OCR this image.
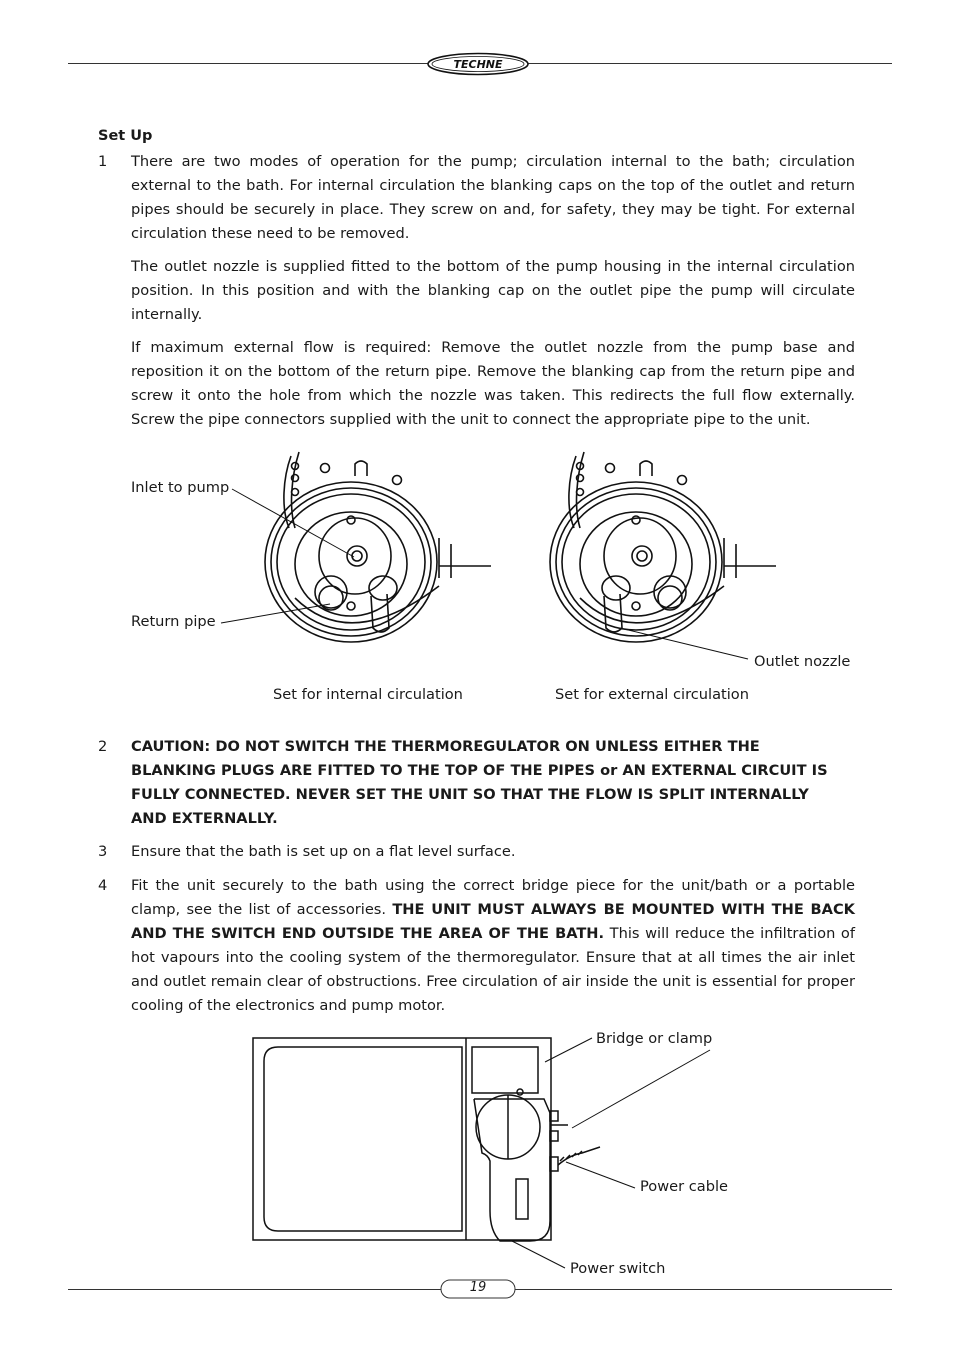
TECHNE
Set Up
1 There are two modes of operation for the pump; circulation internal to the bath; circulation external to the bath. For internal circulation the blanking caps on the top of the outlet and return pipes should be securely in place. They screw on and, for safety, they may be tight. For external circulation these need to be removed.
The outlet nozzle is supplied fitted to the bottom of the pump housing in the internal circulation position. In this position and with the blanking cap on the outlet pipe the pump will circulate internally.
If maximum external flow is required: Remove the outlet nozzle from the pump base and reposition it on the bottom of the return pipe. Remove the blanking cap from the return pipe and screw it onto the hole from which the nozzle was taken. This redirects the full flow externally. Screw the pipe connectors supplied with the unit to connect the appropriate pipe to the unit.
Inlet to pump
Return pipe
Outlet nozzle
Set for internal circulation	Set for external circulation
2 CAUTION: DO NOT SWITCH THE THERMOREGULATOR ON UNLESS EITHER THE BLANKING PLUGS ARE FITTED TO THE TOP OF THE PIPES or AN EXTERNAL CIRCUIT IS FULLY CONNECTED. NEVER SET THE UNIT SO THAT THE FLOW IS SPLIT INTERNALLY AND EXTERNALLY.
3 Ensure that the bath is set up on a flat level surface.
4 Fit the unit securely to the bath using the correct bridge piece for the unit/bath or a portable clamp, see the list of accessories. THE UNIT MUST ALWAYS BE MOUNTED WITH THE BACK AND THE SWITCH END OUTSIDE THE AREA OF THE BATH. This will reduce the infiltration of hot vapours into the cooling system of the thermoregulator. Ensure that at all times the air inlet and outlet remain clear of obstructions. Free circulation of air inside the unit is essential for proper cooling of the electronics and pump motor.
Bridge or clamp
Power cable
Power switch
19
